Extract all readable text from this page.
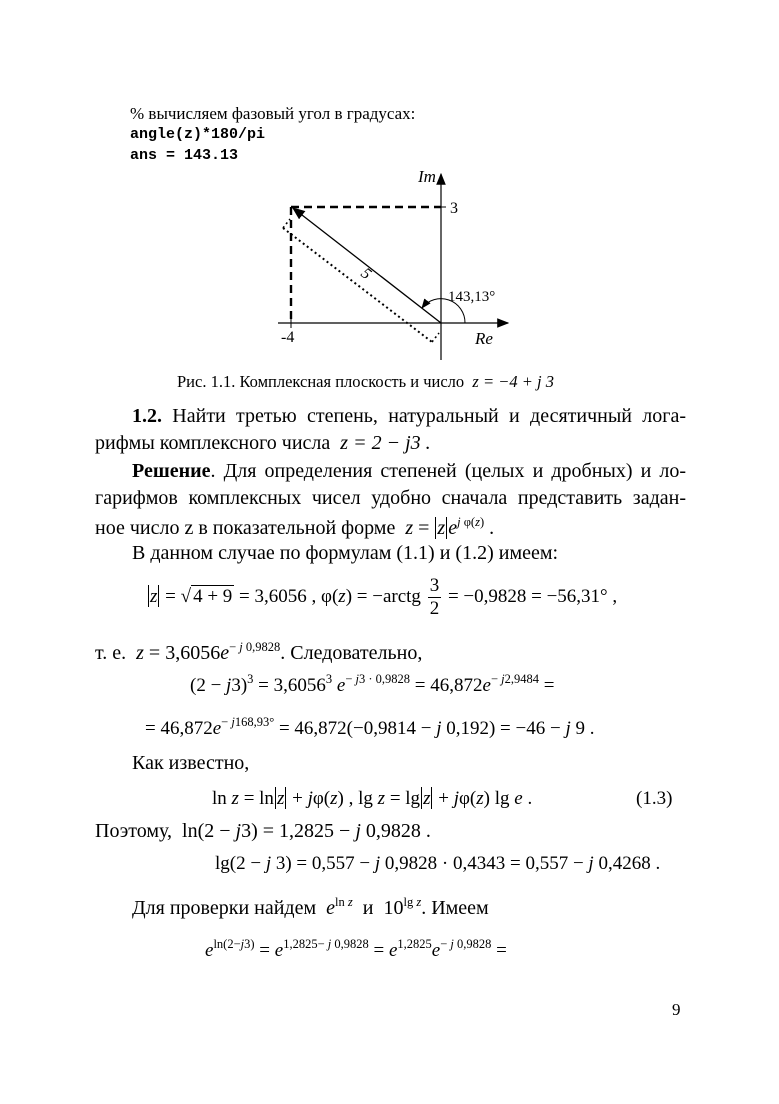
% вычисляем фазовый угол в градусах:
angle(z)*180/pi
ans = 143.13
Im
Re
3
-4
5
143,13°
Рис. 1.1. Комплексная плоскость и число z = −4 + j 3
1.2. Найти третью степень, натуральный и десятичный лога-
рифмы комплексного числа z = 2 − j3 .
Решение. Для определения степеней (целых и дробных) и ло-
гарифмов комплексных чисел удобно сначала представить задан-
ное число z в показательной форме z = z $e^{j \varphi(z)}$ .
В данном случае по формулам (1.1) и (1.2) имеем:
z = √ 4 + 9 = 3,6056 , φ(z) = −arctg $\frac{3}{2} = -0,9828 = -56,31^\circ$ ,
т. е. $z = 3,6056e^{- j 0,9828}$. Следовательно,
$(2 - j3)^3 = 3,6056^3$ $e^{- j3 \cdot 0,9828} = 46,872e^{- j2,9484}$ =
= $46,872e^{- j168,93^\circ} = 46,872(-0,9814 - j$ 0,192) = −46 − j 9 .
Как известно,
ln z = ln z + jφ(z) , lg z = lg z + jφ(z) lg e .	(1.3)
Поэтому,  ln(2 − j3) = 1,2825 − j 0,9828 .
lg(2 − j 3) = 0,557 − j 0,9828 · 0,4343 = 0,557 − j 0,4268 .
Для проверки найдем $e^{ln z}$ и  $10^{lg z}$. Имеем
$e^{ln(2-j3)} = e^{1,2825- j 0,9828} = e^{1,2825}e^{- j 0,9828}$ =
9
